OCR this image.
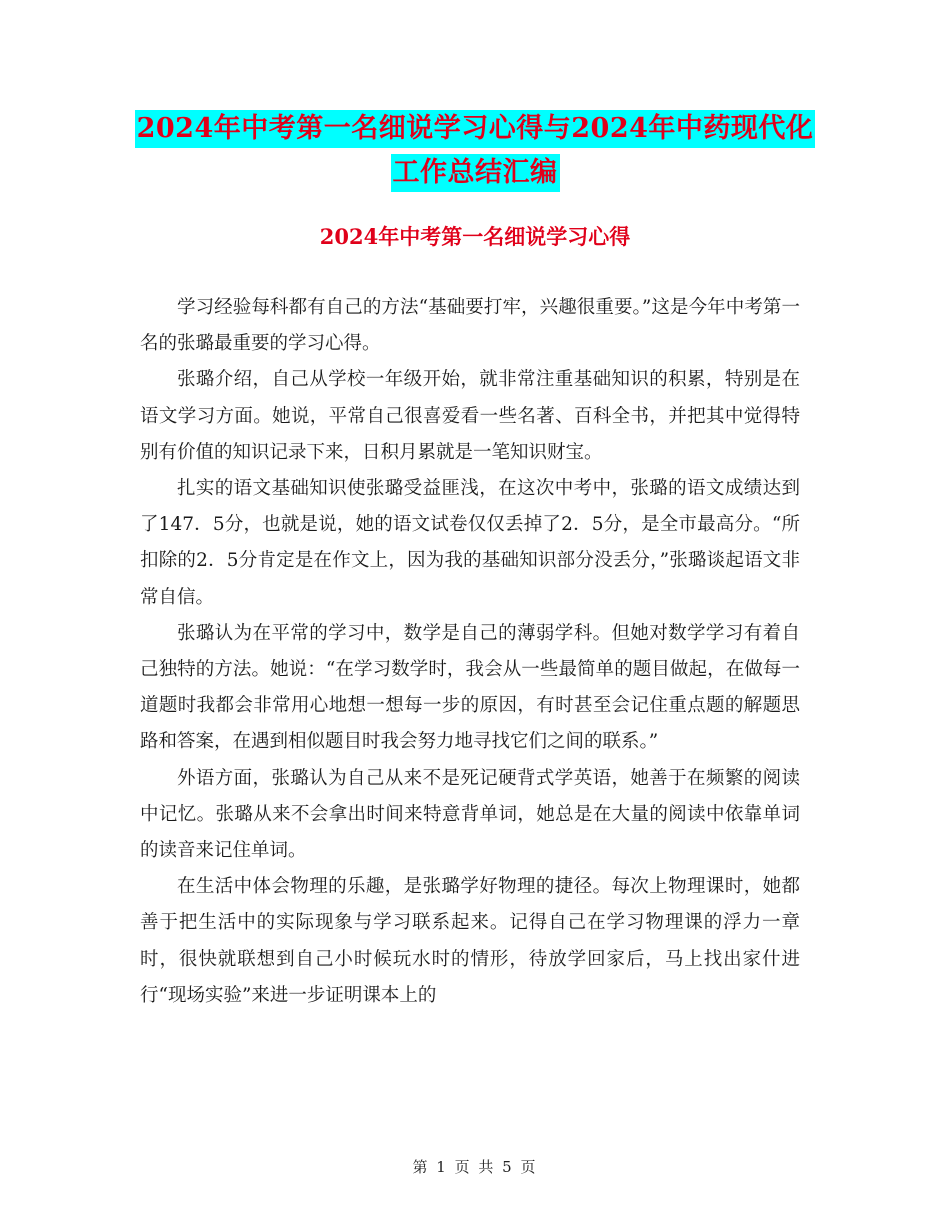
2024年中考第一名细说学习心得与2024年中药现代化
工作总结汇编
2024年中考第一名细说学习心得

学习经验每科都有自己的方法“基础要打牢，兴趣很重要。”这是今年中考第一名的张璐最重要的学习心得。

张璐介绍，自己从学校一年级开始，就非常注重基础知识的积累，特别是在语文学习方面。她说，平常自己很喜爱看一些名著、百科全书，并把其中觉得特别有价值的知识记录下来，日积月累就是一笔知识财宝。

扎实的语文基础知识使张璐受益匪浅，在这次中考中，张璐的语文成绩达到了147．5分，也就是说，她的语文试卷仅仅丢掉了2．5分，是全市最高分。“所扣除的2．5分肯定是在作文上，因为我的基础知识部分没丢分，”张璐谈起语文非常自信。

张璐认为在平常的学习中，数学是自己的薄弱学科。但她对数学学习有着自己独特的方法。她说：“在学习数学时，我会从一些最简单的题目做起，在做每一道题时我都会非常用心地想一想每一步的原因，有时甚至会记住重点题的解题思路和答案，在遇到相似题目时我会努力地寻找它们之间的联系。”

外语方面，张璐认为自己从来不是死记硬背式学英语，她善于在频繁的阅读中记忆。张璐从来不会拿出时间来特意背单词，她总是在大量的阅读中依靠单词的读音来记住单词。

在生活中体会物理的乐趣，是张璐学好物理的捷径。每次上物理课时，她都善于把生活中的实际现象与学习联系起来。记得自己在学习物理课的浮力一章时，很快就联想到自己小时候玩水时的情形，待放学回家后，马上找出家什进行“现场实验”来进一步证明课本上的

第 1 页 共 5 页
